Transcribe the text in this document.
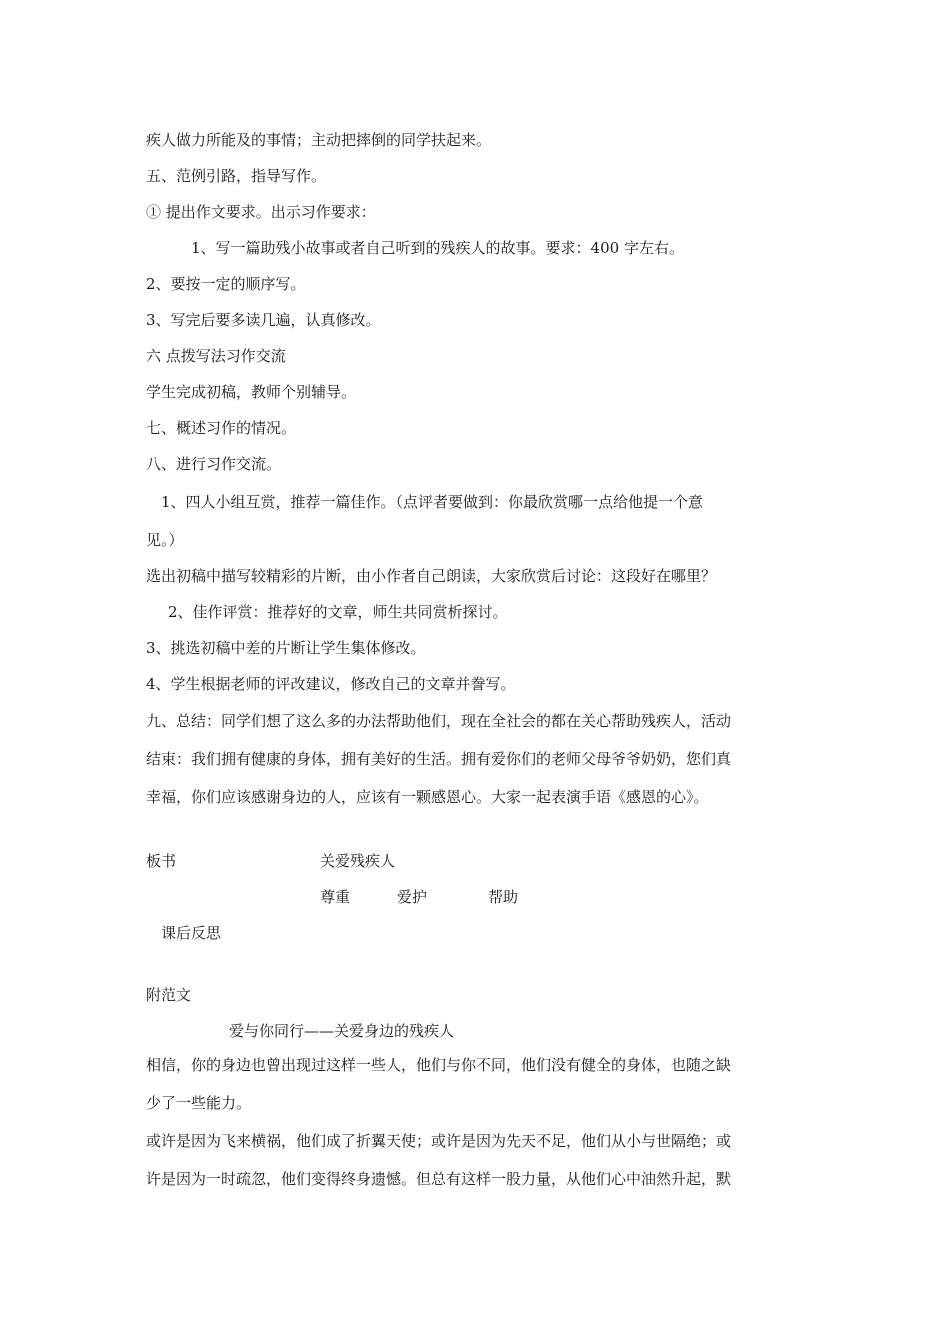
疾人做力所能及的事情；主动把摔倒的同学扶起来。
五、范例引路，指导写作。
① 提出作文要求。出示习作要求：
1、写一篇助残小故事或者自己听到的残疾人的故事。要求：400 字左右。
2、要按一定的顺序写。
3、写完后要多读几遍，认真修改。
六 点拨写法习作交流
学生完成初稿，教师个别辅导。
七、概述习作的情况。
八、进行习作交流。
1、四人小组互赏，推荐一篇佳作。（点评者要做到：你最欣赏哪一点给他提一个意
见。）
选出初稿中描写较精彩的片断，由小作者自己朗读，大家欣赏后讨论：这段好在哪里？
2、佳作评赏：推荐好的文章，师生共同赏析探讨。
3、挑选初稿中差的片断让学生集体修改。
4、学生根据老师的评改建议，修改自己的文章并誊写。
九、总结：同学们想了这么多的办法帮助他们，现在全社会的都在关心帮助残疾人，活动
结束：我们拥有健康的身体，拥有美好的生活。拥有爱你们的老师父母爷爷奶奶，您们真
幸福，你们应该感谢身边的人，应该有一颗感恩心。大家一起表演手语《感恩的心》。
板书	关爱残疾人
尊重	爱护	帮助
课后反思
附范文
爱与你同行——关爱身边的残疾人
相信，你的身边也曾出现过这样一些人，他们与你不同，他们没有健全的身体，也随之缺
少了一些能力。
或许是因为飞来横祸，他们成了折翼天使；或许是因为先天不足，他们从小与世隔绝；或
许是因为一时疏忽，他们变得终身遗憾。但总有这样一股力量，从他们心中油然升起，默
